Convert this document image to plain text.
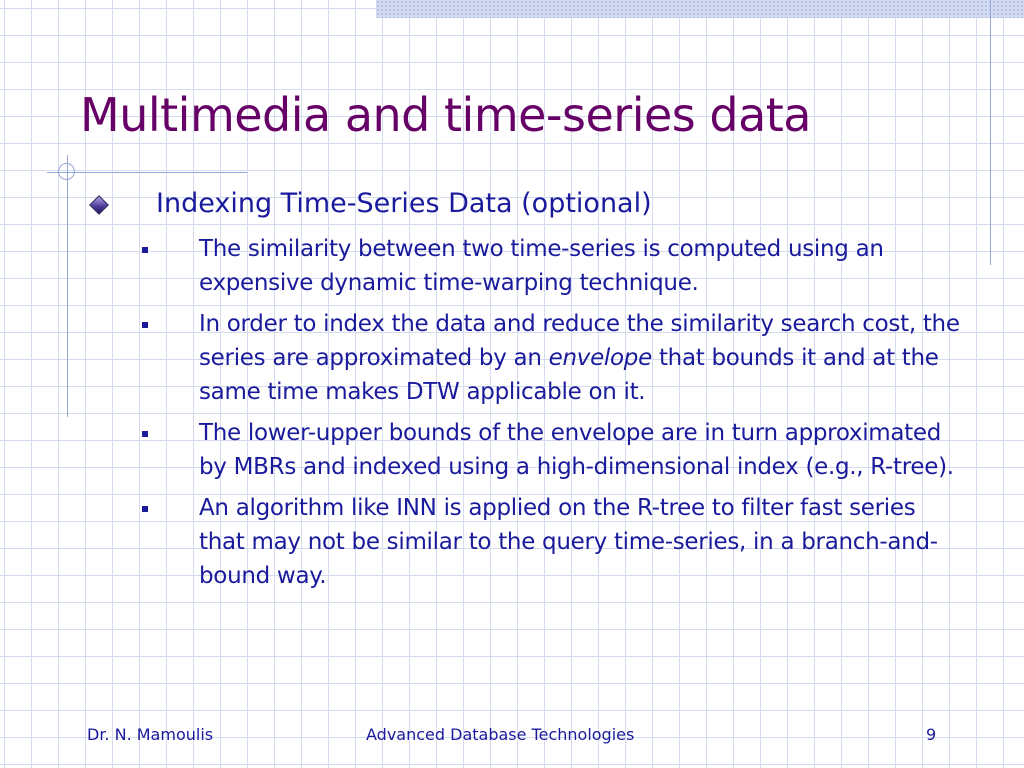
Multimedia and time-series data
Indexing Time-Series Data (optional)
The similarity between two time-series is computed using an expensive dynamic time-warping technique.
In order to index the data and reduce the similarity search cost, the series are approximated by an envelope that bounds it and at the same time makes DTW applicable on it.
The lower-upper bounds of the envelope are in turn approximated by MBRs and indexed using a high-dimensional index (e.g., R-tree).
An algorithm like INN is applied on the R-tree to filter fast series that may not be similar to the query time-series, in a branch-and-bound way.
Dr. N. Mamoulis	Advanced Database Technologies	9
